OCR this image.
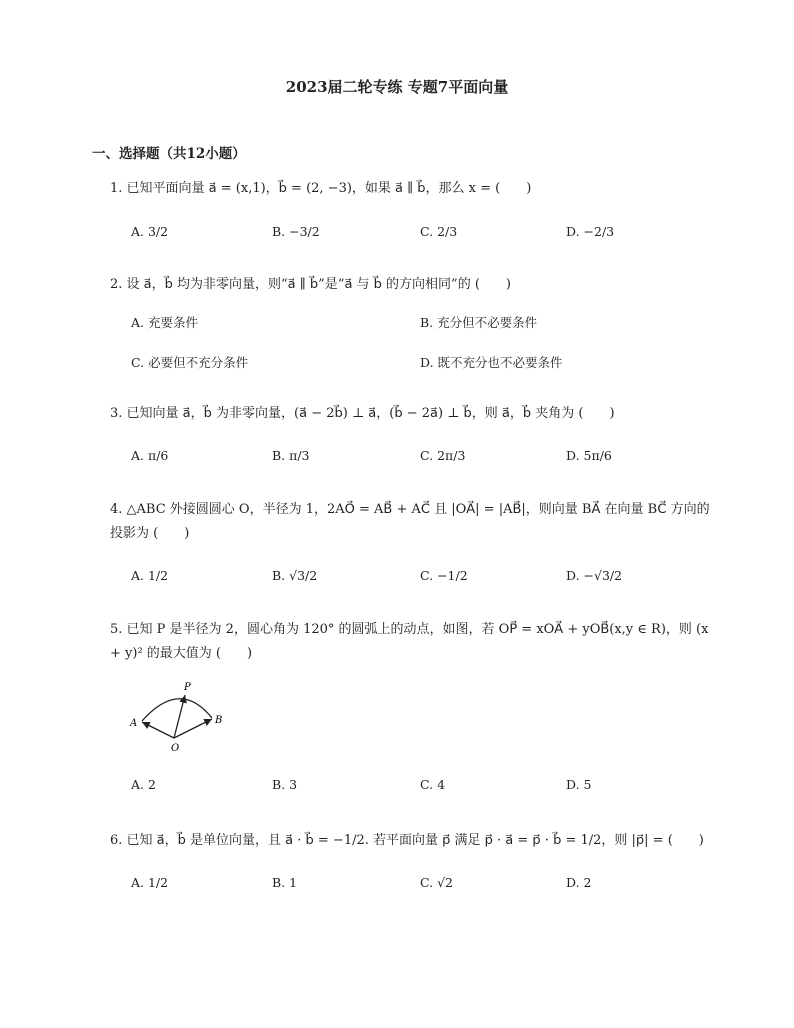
2023届二轮专练 专题7平面向量
一、选择题（共12小题）
1. 已知平面向量 a⃗ = (x,1)，b⃗ = (2, −3)，如果 a⃗ ∥ b⃗，那么 x = (　　)
A. 3/2	B. −3/2	C. 2/3	D. −2/3
2. 设 a⃗，b⃗ 均为非零向量，则“a⃗ ∥ b⃗”是“a⃗ 与 b⃗ 的方向相同”的 (　　)
A. 充要条件	B. 充分但不必要条件
C. 必要但不充分条件	D. 既不充分也不必要条件
3. 已知向量 a⃗，b⃗ 为非零向量，(a⃗ − 2b⃗) ⊥ a⃗，(b⃗ − 2a⃗) ⊥ b⃗，则 a⃗，b⃗ 夹角为 (　　)
A. π/6	B. π/3	C. 2π/3	D. 5π/6
4. △ABC 外接圆圆心 O，半径为 1，2AO⃗ = AB⃗ + AC⃗ 且 |OA⃗| = |AB⃗|，则向量 BA⃗ 在向量 BC⃗ 方向的投影为 (　　)
A. 1/2	B. √3/2	C. −1/2	D. −√3/2
5. 已知 P 是半径为 2，圆心角为 120° 的圆弧上的动点，如图，若 OP⃗ = xOA⃗ + yOB⃗(x,y ∈ R)，则 (x + y)² 的最大值为 (　　)
P
A	B
O
A. 2	B. 3	C. 4	D. 5
6. 已知 a⃗，b⃗ 是单位向量，且 a⃗ · b⃗ = −1/2. 若平面向量 p⃗ 满足 p⃗ · a⃗ = p⃗ · b⃗ = 1/2，则 |p⃗| = (　　)
A. 1/2	B. 1	C. √2	D. 2
